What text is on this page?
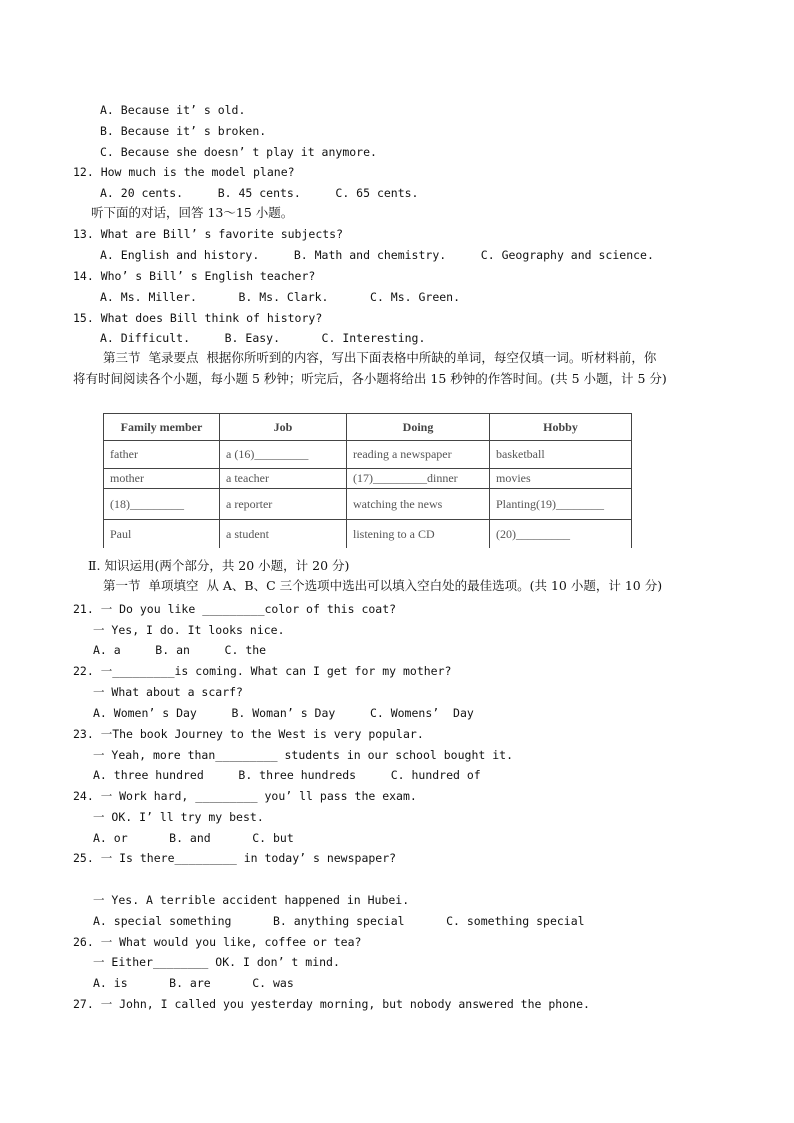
A. Because it’ s old.
B. Because it’ s broken.
C. Because she doesn’ t play it anymore.
12. How much is the model plane?
A. 20 cents.     B. 45 cents.     C. 65 cents.
听下面的对话，回答 13～15 小题。
13. What are Bill’ s favorite subjects?
A. English and history.     B. Math and chemistry.     C. Geography and science.
14. Who’ s Bill’ s English teacher?
A. Ms. Miller.      B. Ms. Clark.      C. Ms. Green.
15. What does Bill think of history?
A. Difficult.     B. Easy.      C. Interesting.
第三节  笔录要点  根据你所听到的内容，写出下面表格中所缺的单词，每空仅填一词。听材料前，你
将有时间阅读各个小题，每小题 5 秒钟；听完后，各小题将给出 15 秒钟的作答时间。(共 5 小题，计 5 分)
Family member	Job	Doing	Hobby
father	a (16)_________	reading a newspaper	basketball
mother	a teacher	(17)_________dinner	movies
(18)_________	a reporter	watching the news	Planting(19)________
Paul	a student	listening to a CD	(20)_________
Ⅱ. 知识运用(两个部分，共 20 小题，计 20 分)
第一节  单项填空  从 A、B、C 三个选项中选出可以填入空白处的最佳选项。(共 10 小题，计 10 分)
21. 一 Do you like _________color of this coat?
一 Yes, I do. It looks nice.
A. a     B. an     C. the
22. 一_________is coming. What can I get for my mother?
一 What about a scarf?
A. Women’ s Day     B. Woman’ s Day     C. Womens’  Day
23. 一The book Journey to the West is very popular.
一 Yeah, more than_________ students in our school bought it.
A. three hundred     B. three hundreds     C. hundred of
24. 一 Work hard, _________ you’ ll pass the exam.
一 OK. I’ ll try my best.
A. or      B. and      C. but
25. 一 Is there_________ in today’ s newspaper?
一 Yes. A terrible accident happened in Hubei.
A. special something      B. anything special      C. something special
26. 一 What would you like, coffee or tea?
一 Either________ OK. I don’ t mind.
A. is      B. are      C. was
27. 一 John, I called you yesterday morning, but nobody answered the phone.
